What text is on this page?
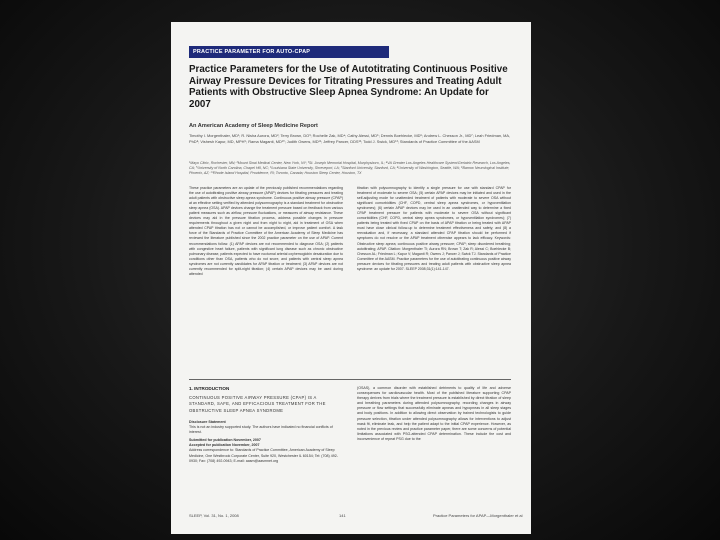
PRACTICE PARAMETER FOR AUTO-CPAP
Practice Parameters for the Use of Autotitrating Continuous Positive Airway Pressure Devices for Titrating Pressures and Treating Adult Patients with Obstructive Sleep Apnea Syndrome: An Update for 2007
An American Academy of Sleep Medicine Report
Timothy I. Morgenthaler, MD¹; R. Nisha Aurora, MD²; Terry Brown, DO³; Rochelle Zak, MD⁴; Cathy Alessi, MD⁵; Dennis Boehlecke, MD⁶; Andrew L. Chesson Jr., MD⁷; Leah Friedman, MA, PhD⁸; Vishesh Kapur, MD, MPH⁹; Rama Maganti, MD¹⁰; Judith Owens, MD¹¹; Jeffrey Pancer, DDS¹²; Todd J. Swick, MD¹³; Standards of Practice Committee of the AASM
¹Mayo Clinic, Rochester, MN; ²Mount Sinai Medical Center, New York, NY; ³St. Joseph Memorial Hospital, Murphysboro, IL; ⁴VA Greater Los Angeles Healthcare System/Geriatric Research, Los Angeles, CA; ⁵University of North Carolina, Chapel Hill, NC; ⁶Louisiana State University, Shreveport, LA; ⁷Stanford University, Stanford, CA; ⁸University of Washington, Seattle, WA; ⁹Barrow Neurological Institute, Phoenix, AZ; ¹⁰Rhode Island Hospital, Providence, RI; Toronto, Canada; Houston Sleep Center, Houston, TX
These practice parameters are an update of the previously published recommendations regarding the use of autotitrating positive airway pressure (APAP) devices for titrating pressures and treating adult patients with obstructive sleep apnea syndrome. Continuous positive airway pressure (CPAP) at an effective setting verified by attended polysomnography is a standard treatment for obstructive sleep apnea (OSA). APAP devices change the treatment pressure based on feedback from various patient measures such as airflow, pressure fluctuations, or measures of airway resistance. These devices may aid in the pressure titration process, address possible changes in pressure requirements throughout a given night and from night to night, aid in treatment of OSA when attended CPAP titration has not or cannot be accomplished, or improve patient comfort. A task force of the Standards of Practice Committee of the American Academy of Sleep Medicine has reviewed the literature published since the 2002 practice parameter on the use of APAP. Current recommendations follow: (1) APAP devices are not recommended to diagnose OSA; (2) patients with congestive heart failure, patients with significant lung disease such as chronic obstructive pulmonary disease, patients expected to have nocturnal arterial oxyhemoglobin desaturation due to conditions other than OSA, patients who do not snore, and patients with central sleep apnea syndromes are not currently candidates for APAP titration or treatment; (3) APAP devices are not currently recommended for split-night titration; (4) certain APAP devices may be used during attended
titration with polysomnography to identify a single pressure for use with standard CPAP for treatment of moderate to severe OSA; (5) certain APAP devices may be initiated and used in the self-adjusting mode for unattended treatment of patients with moderate to severe OSA without significant comorbidities (CHF, COPD, central sleep apnea syndromes, or hypoventilation syndromes); (6) certain APAP devices may be used in an unattended way to determine a fixed CPAP treatment pressure for patients with moderate to severe OSA without significant comorbidities (CHF, COPD, central sleep apnea syndromes, or hypoventilation syndromes); (7) patients being treated with fixed CPAP on the basis of APAP titration or being treated with APAP must have close clinical follow-up to determine treatment effectiveness and safety; and (8) a reevaluation and, if necessary, a standard attended CPAP titration should be performed if symptoms do not resolve or the APAP treatment otherwise appears to lack efficacy. Keywords: Obstructive sleep apnea; continuous positive airway pressure; CPAP; sleep disordered breathing; autotitrating; APAP. Citation: Morgenthaler TI; Aurora RN; Brown T; Zak R; Alessi C; Boehlecke B; Chesson AL; Friedman L; Kapur V; Maganti R; Owens J; Pancer J; Swick TJ. Standards of Practice Committee of the AASM. Practice parameters for the use of autotitrating continuous positive airway pressure devices for titrating pressures and treating adult patients with obstructive sleep apnea syndrome: an update for 2007. SLEEP 2008;31(1):141-147.
1. INTRODUCTION
CONTINUOUS POSITIVE AIRWAY PRESSURE (CPAP) IS A STANDARD, SAFE, AND EFFICACIOUS TREATMENT FOR THE OBSTRUCTIVE SLEEP APNEA SYNDROME
Disclosure Statement
This is not an industry supported study. The authors have indicated no financial conflicts of interest.
Submitted for publication November, 2007
Accepted for publication November, 2007
Address correspondence to: Standards of Practice Committee, American Academy of Sleep Medicine, One Westbrook Corporate Center, Suite 920, Westchester IL 60154; Tel: (708) 492-0930; Fax: (708) 492-0943; E-mail: aasm@aasmnet.org
(OSAS), a common disorder with established detriments to quality of life and adverse consequences for cardiovascular health. Most of the published literature supporting CPAP therapy derives from trials where the treatment pressure is established by direct titration of sleep and breathing parameters during attended polysomnography, recording changes in airway pressure or flow settings that successfully eliminate apneas and hypopneas in all sleep stages and body positions. In addition to allowing direct observation by trained technologists to guide pressure selection, titration under attended polysomnography allows for interventions to adjust mask fit, eliminate leak, and help the patient adapt to the initial CPAP experience. However, as noted in the previous review and practice parameter paper, there are some concerns of potential limitations associated with PSG-attended CPAP determination. These include the cost and inconvenience of repeat PSG due to the
SLEEP, Vol. 31, No. 1, 2008	141	Practice Parameters for APAP—Morgenthaler et al
